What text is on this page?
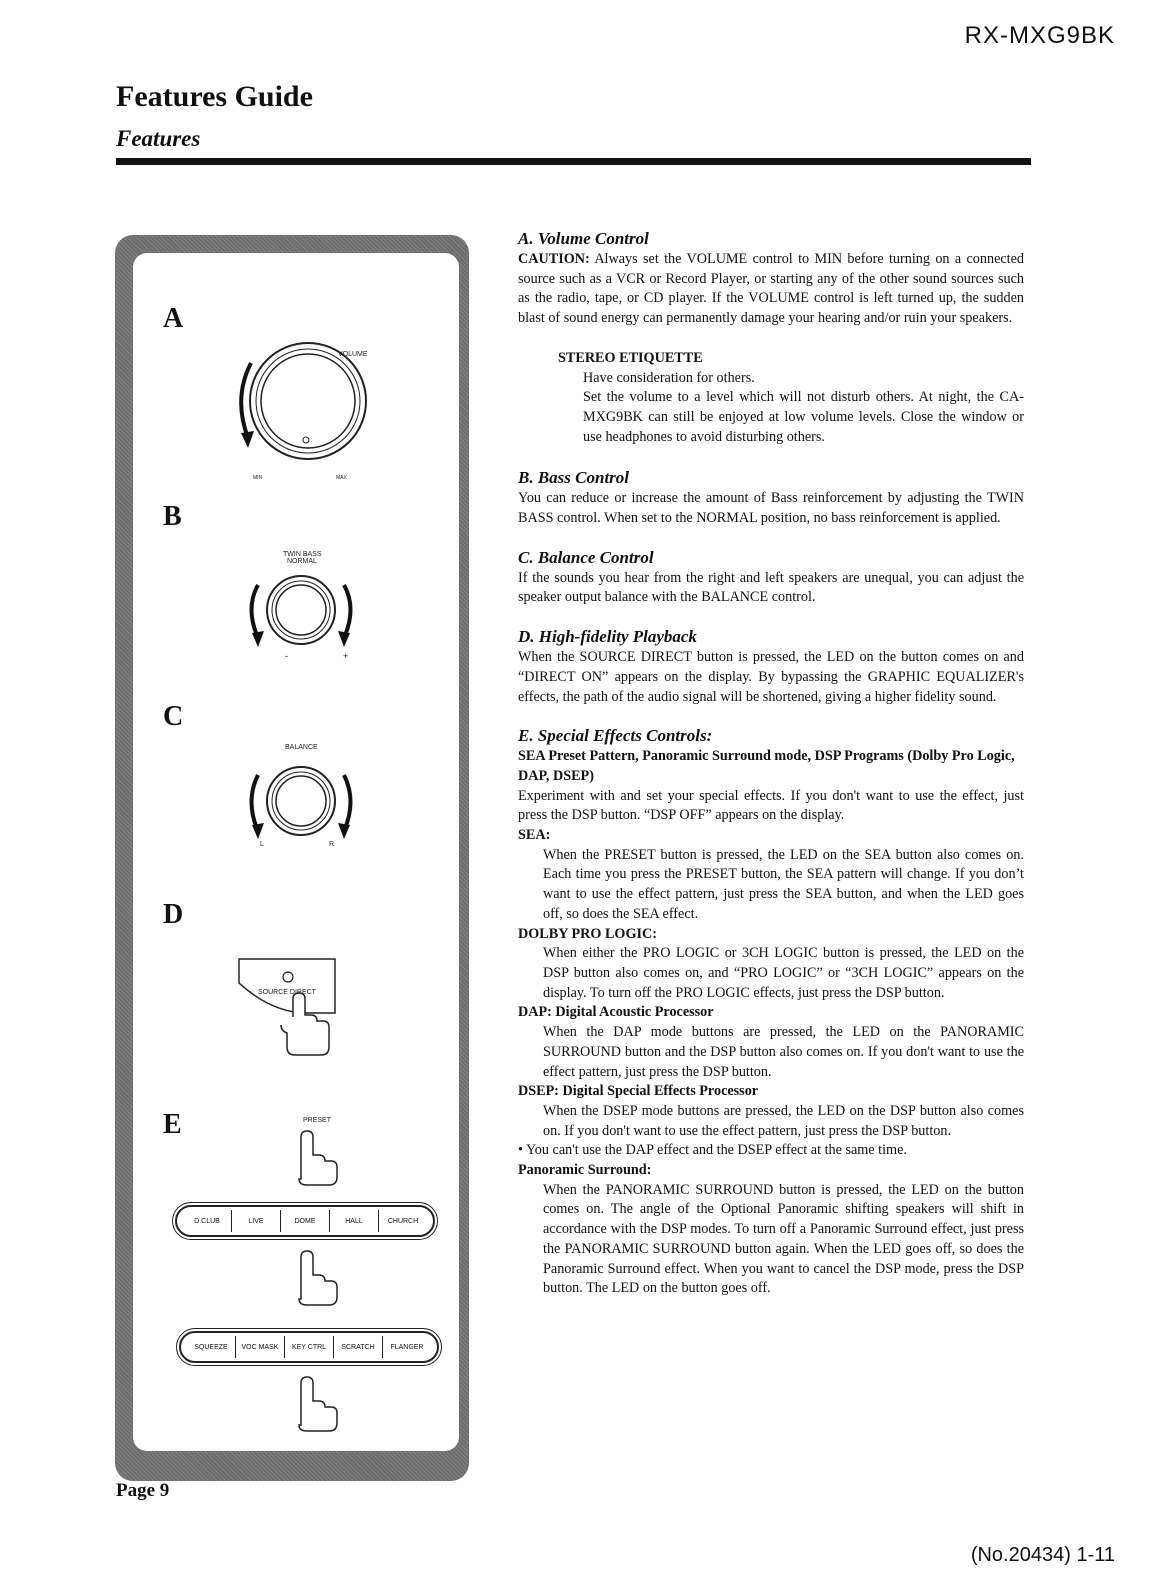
RX-MXG9BK
Features Guide
Features
A
B
C
D
E
VOLUME
MIN	MAX
TWIN BASS
NORMAL
-	+
BALANCE
L	R
SOURCE DIRECT
PRESET
D.CLUB	LIVE	DOME	HALL	CHURCH
SQUEEZE	VOC MASK	KEY CTRL	SCRATCH	FLANGER
A. Volume Control

CAUTION: Always set the VOLUME control to MIN before turning on a connected source such as a VCR or Record Player, or starting any of the other sound sources such as the radio, tape, or CD player. If the VOLUME control is left turned up, the sudden blast of sound energy can permanently damage your hearing and/or ruin your speakers.

STEREO ETIQUETTE

Have consideration for others.

Set the volume to a level which will not disturb others. At night, the CA-MXG9BK can still be enjoyed at low volume levels. Close the window or use headphones to avoid disturbing others.

B. Bass Control

You can reduce or increase the amount of Bass reinforcement by adjusting the TWIN BASS control. When set to the NORMAL position, no bass reinforcement is applied.

C. Balance Control

If the sounds you hear from the right and left speakers are unequal, you can adjust the speaker output balance with the BALANCE control.

D. High-fidelity Playback

When the SOURCE DIRECT button is pressed, the LED on the button comes on and “DIRECT ON” appears on the display. By bypassing the GRAPHIC EQUALIZER's effects, the path of the audio signal will be shortened, giving a higher fidelity sound.

E. Special Effects Controls:

SEA Preset Pattern, Panoramic Surround mode, DSP Programs (Dolby Pro Logic, DAP, DSEP)

Experiment with and set your special effects. If you don't want to use the effect, just press the DSP button. “DSP OFF” appears on the display.

SEA:

When the PRESET button is pressed, the LED on the SEA button also comes on. Each time you press the PRESET button, the SEA pattern will change. If you don’t want to use the effect pattern, just press the SEA button, and when the LED goes off, so does the SEA effect.

DOLBY PRO LOGIC:

When either the PRO LOGIC or 3CH LOGIC button is pressed, the LED on the DSP button also comes on, and “PRO LOGIC” or “3CH LOGIC” appears on the display. To turn off the PRO LOGIC effects, just press the DSP button.

DAP: Digital Acoustic Processor

When the DAP mode buttons are pressed, the LED on the PANORAMIC SURROUND button and the DSP button also comes on. If you don't want to use the effect pattern, just press the DSP button.

DSEP: Digital Special Effects Processor

When the DSEP mode buttons are pressed, the LED on the DSP button also comes on. If you don't want to use the effect pattern, just press the DSP button.

• You can't use the DAP effect and the DSEP effect at the same time.

Panoramic Surround:

When the PANORAMIC SURROUND button is pressed, the LED on the button comes on. The angle of the Optional Panoramic shifting speakers will shift in accordance with the DSP modes. To turn off a Panoramic Surround effect, just press the PANORAMIC SURROUND button again. When the LED goes off, so does the Panoramic Surround effect. When you want to cancel the DSP mode, press the DSP button. The LED on the button goes off.

Page 9
(No.20434) 1-11
